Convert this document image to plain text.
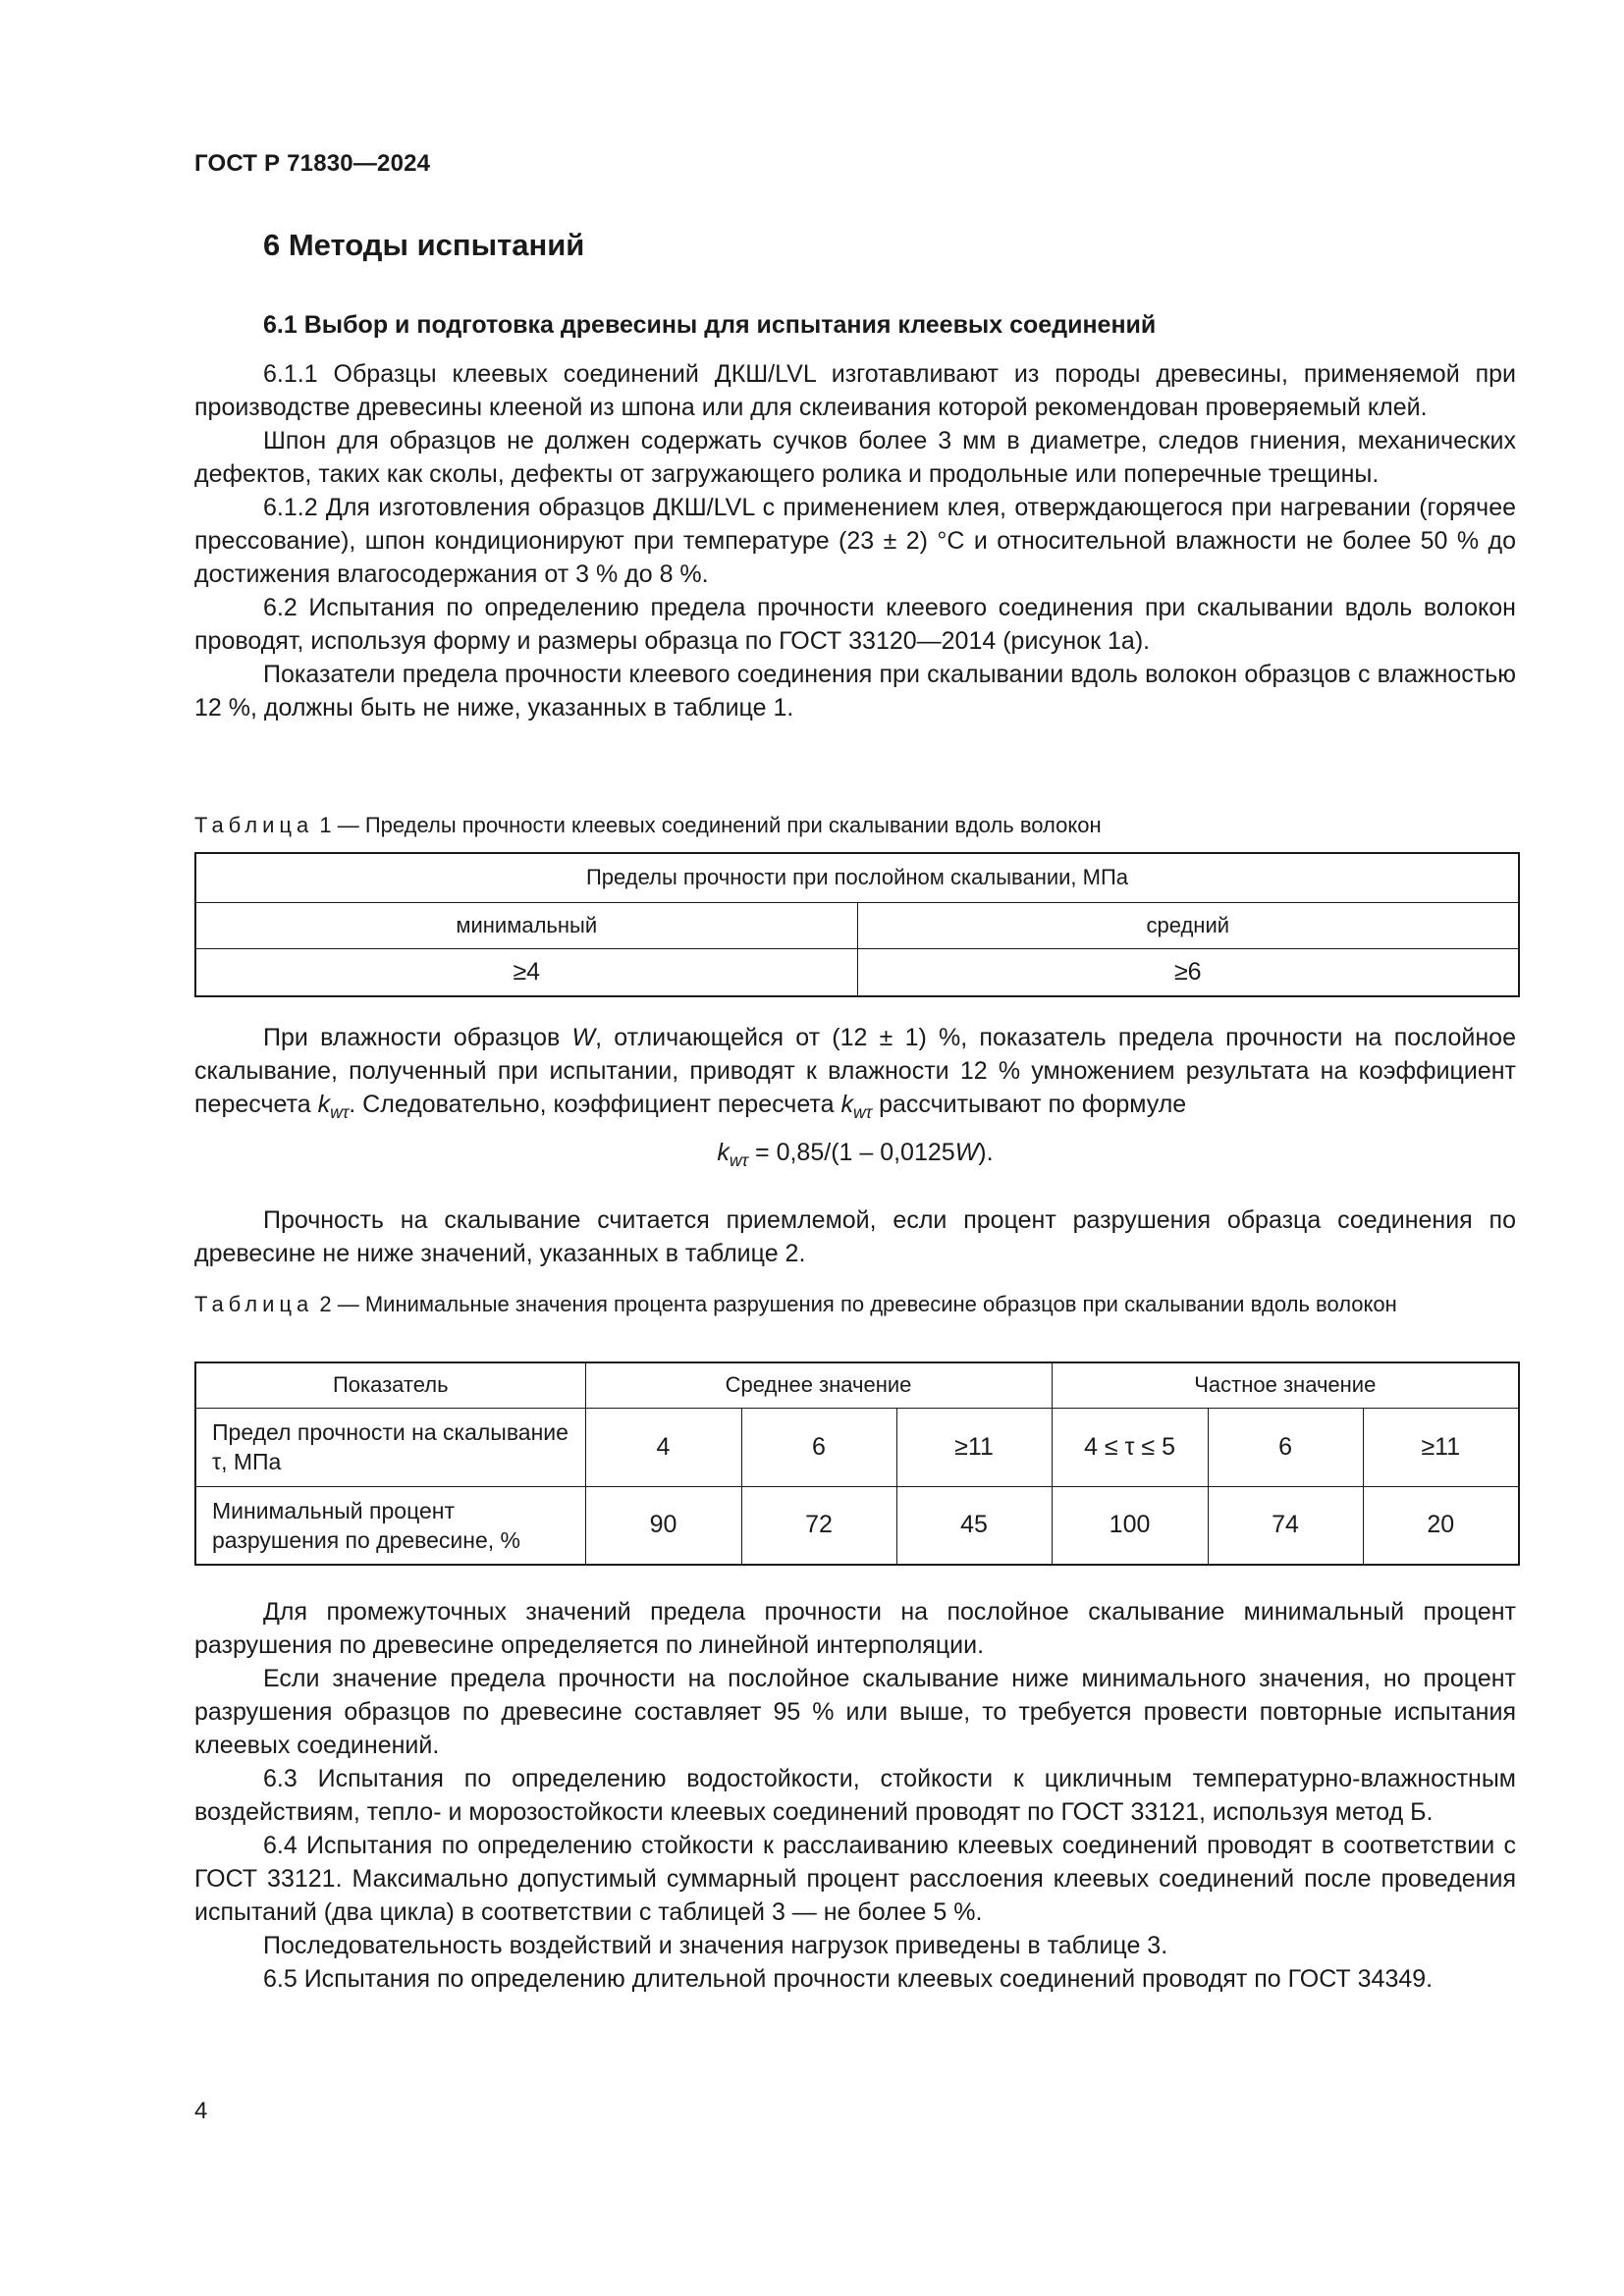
ГОСТ Р 71830—2024
6 Методы испытаний
6.1 Выбор и подготовка древесины для испытания клеевых соединений

6.1.1 Образцы клеевых соединений ДКШ/LVL изготавливают из породы древесины, применяемой при производстве древесины клееной из шпона или для склеивания которой рекомендован проверяемый клей.

Шпон для образцов не должен содержать сучков более 3 мм в диаметре, следов гниения, механических дефектов, таких как сколы, дефекты от загружающего ролика и продольные или поперечные трещины.

6.1.2 Для изготовления образцов ДКШ/LVL с применением клея, отверждающегося при нагревании (горячее прессование), шпон кондиционируют при температуре (23 ± 2) °С и относительной влажности не более 50 % до достижения влагосодержания от 3 % до 8 %.

6.2 Испытания по определению предела прочности клеевого соединения при скалывании вдоль волокон проводят, используя форму и размеры образца по ГОСТ 33120—2014 (рисунок 1а).

Показатели предела прочности клеевого соединения при скалывании вдоль волокон образцов с влажностью 12 %, должны быть не ниже, указанных в таблице 1.

Таблица 1 — Пределы прочности клеевых соединений при скалывании вдоль волокон
Пределы прочности при послойном скалывании, МПа	
минимальный	средний
≥4	≥6

При влажности образцов W, отличающейся от (12 ± 1) %, показатель предела прочности на послойное скалывание, полученный при испытании, приводят к влажности 12 % умножением результата на коэффициент пересчета $k_{w\tau}$. Следовательно, коэффициент пересчета $k_{w\tau}$ рассчитывают по формуле

$k_{w\tau} = 0,85/(1 - 0,0125W)$.

Прочность на скалывание считается приемлемой, если процент разрушения образца соединения по древесине не ниже значений, указанных в таблице 2.

Таблица 2 — Минимальные значения процента разрушения по древесине образцов при скалывании вдоль волокон
Показатель	Среднее значение			Частное значение		
Предел прочности на скалывание τ, МПа	4	6	≥11	4 ≤ τ ≤ 5	6	≥11
Минимальный процент разрушения по древесине, %	90	72	45	100	74	20

Для промежуточных значений предела прочности на послойное скалывание минимальный процент разрушения по древесине определяется по линейной интерполяции.

Если значение предела прочности на послойное скалывание ниже минимального значения, но процент разрушения образцов по древесине составляет 95 % или выше, то требуется провести повторные испытания клеевых соединений.

6.3 Испытания по определению водостойкости, стойкости к цикличным температурно-влажностным воздействиям, тепло- и морозостойкости клеевых соединений проводят по ГОСТ 33121, используя метод Б.

6.4 Испытания по определению стойкости к расслаиванию клеевых соединений проводят в соответствии с ГОСТ 33121. Максимально допустимый суммарный процент расслоения клеевых соединений после проведения испытаний (два цикла) в соответствии с таблицей 3 — не более 5 %.

Последовательность воздействий и значения нагрузок приведены в таблице 3.

6.5 Испытания по определению длительной прочности клеевых соединений проводят по ГОСТ 34349.

4
